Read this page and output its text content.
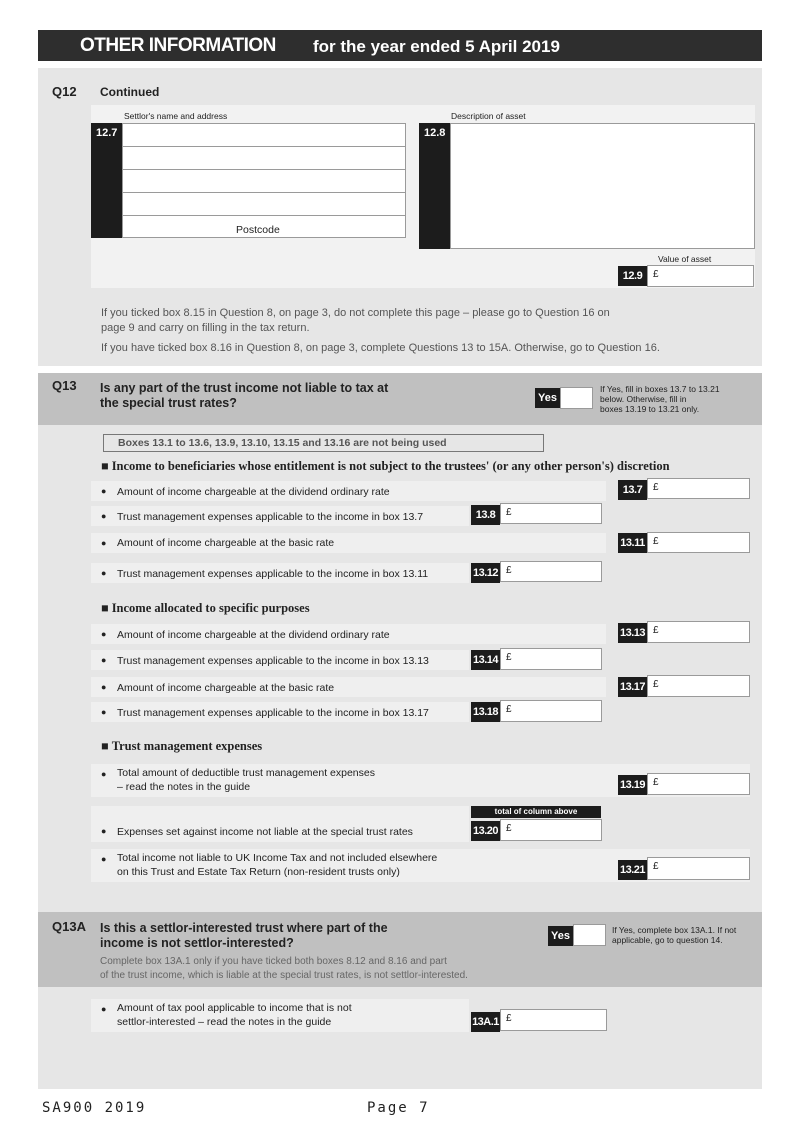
OTHER INFORMATION for the year ended 5 April 2019
Q12 Continued
Settlor's name and address	Description of asset
12.7
Postcode
12.8
Value of asset
12.9	£
If you ticked box 8.15 in Question 8, on page 3, do not complete this page – please go to Question 16 on
page 9 and carry on filling in the tax return.
If you have ticked box 8.16 in Question 8, on page 3, complete Questions 13 to 15A. Otherwise, go to Question 16.
Q13 Is any part of the trust income not liable to tax at
the special trust rates?	Yes
If Yes, fill in boxes 13.7 to 13.21
below. Otherwise, fill in
boxes 13.19 to 13.21 only.
Boxes 13.1 to 13.6, 13.9, 13.10, 13.15 and 13.16 are not being used
■ Income to beneficiaries whose entitlement is not subject to the trustees' (or any other person's) discretion
● Amount of income chargeable at the dividend ordinary rate	13.7	£
● Trust management expenses applicable to the income in box 13.7	13.8	£
● Amount of income chargeable at the basic rate	13.11 £
● Trust management expenses applicable to the income in box 13.11	13.12 £
■ Income allocated to specific purposes
● Amount of income chargeable at the dividend ordinary rate	13.13 £
● Trust management expenses applicable to the income in box 13.13	13.14 £
● Amount of income chargeable at the basic rate	13.17 £
● Trust management expenses applicable to the income in box 13.17	13.18 £
■ Trust management expenses
● Total amount of deductible trust management expenses
– read the notes in the guide	13.19 £
● Expenses set against income not liable at the special trust rates
total of column above
13.20 £
● Total income not liable to UK Income Tax and not included elsewhere
on this Trust and Estate Tax Return (non-resident trusts only)	13.21 £
Q13A Is this a settlor-interested trust where part of the
income is not settlor-interested?	Yes	If Yes, complete box 13A.1. If not
applicable, go to question 14.
Complete box 13A.1 only if you have ticked both boxes 8.12 and 8.16 and part
of the trust income, which is liable at the special trust rates, is not settlor-interested.
● Amount of tax pool applicable to income that is not
settlor-interested – read the notes in the guide	13A.1 £
SA900 2019	Page 7
